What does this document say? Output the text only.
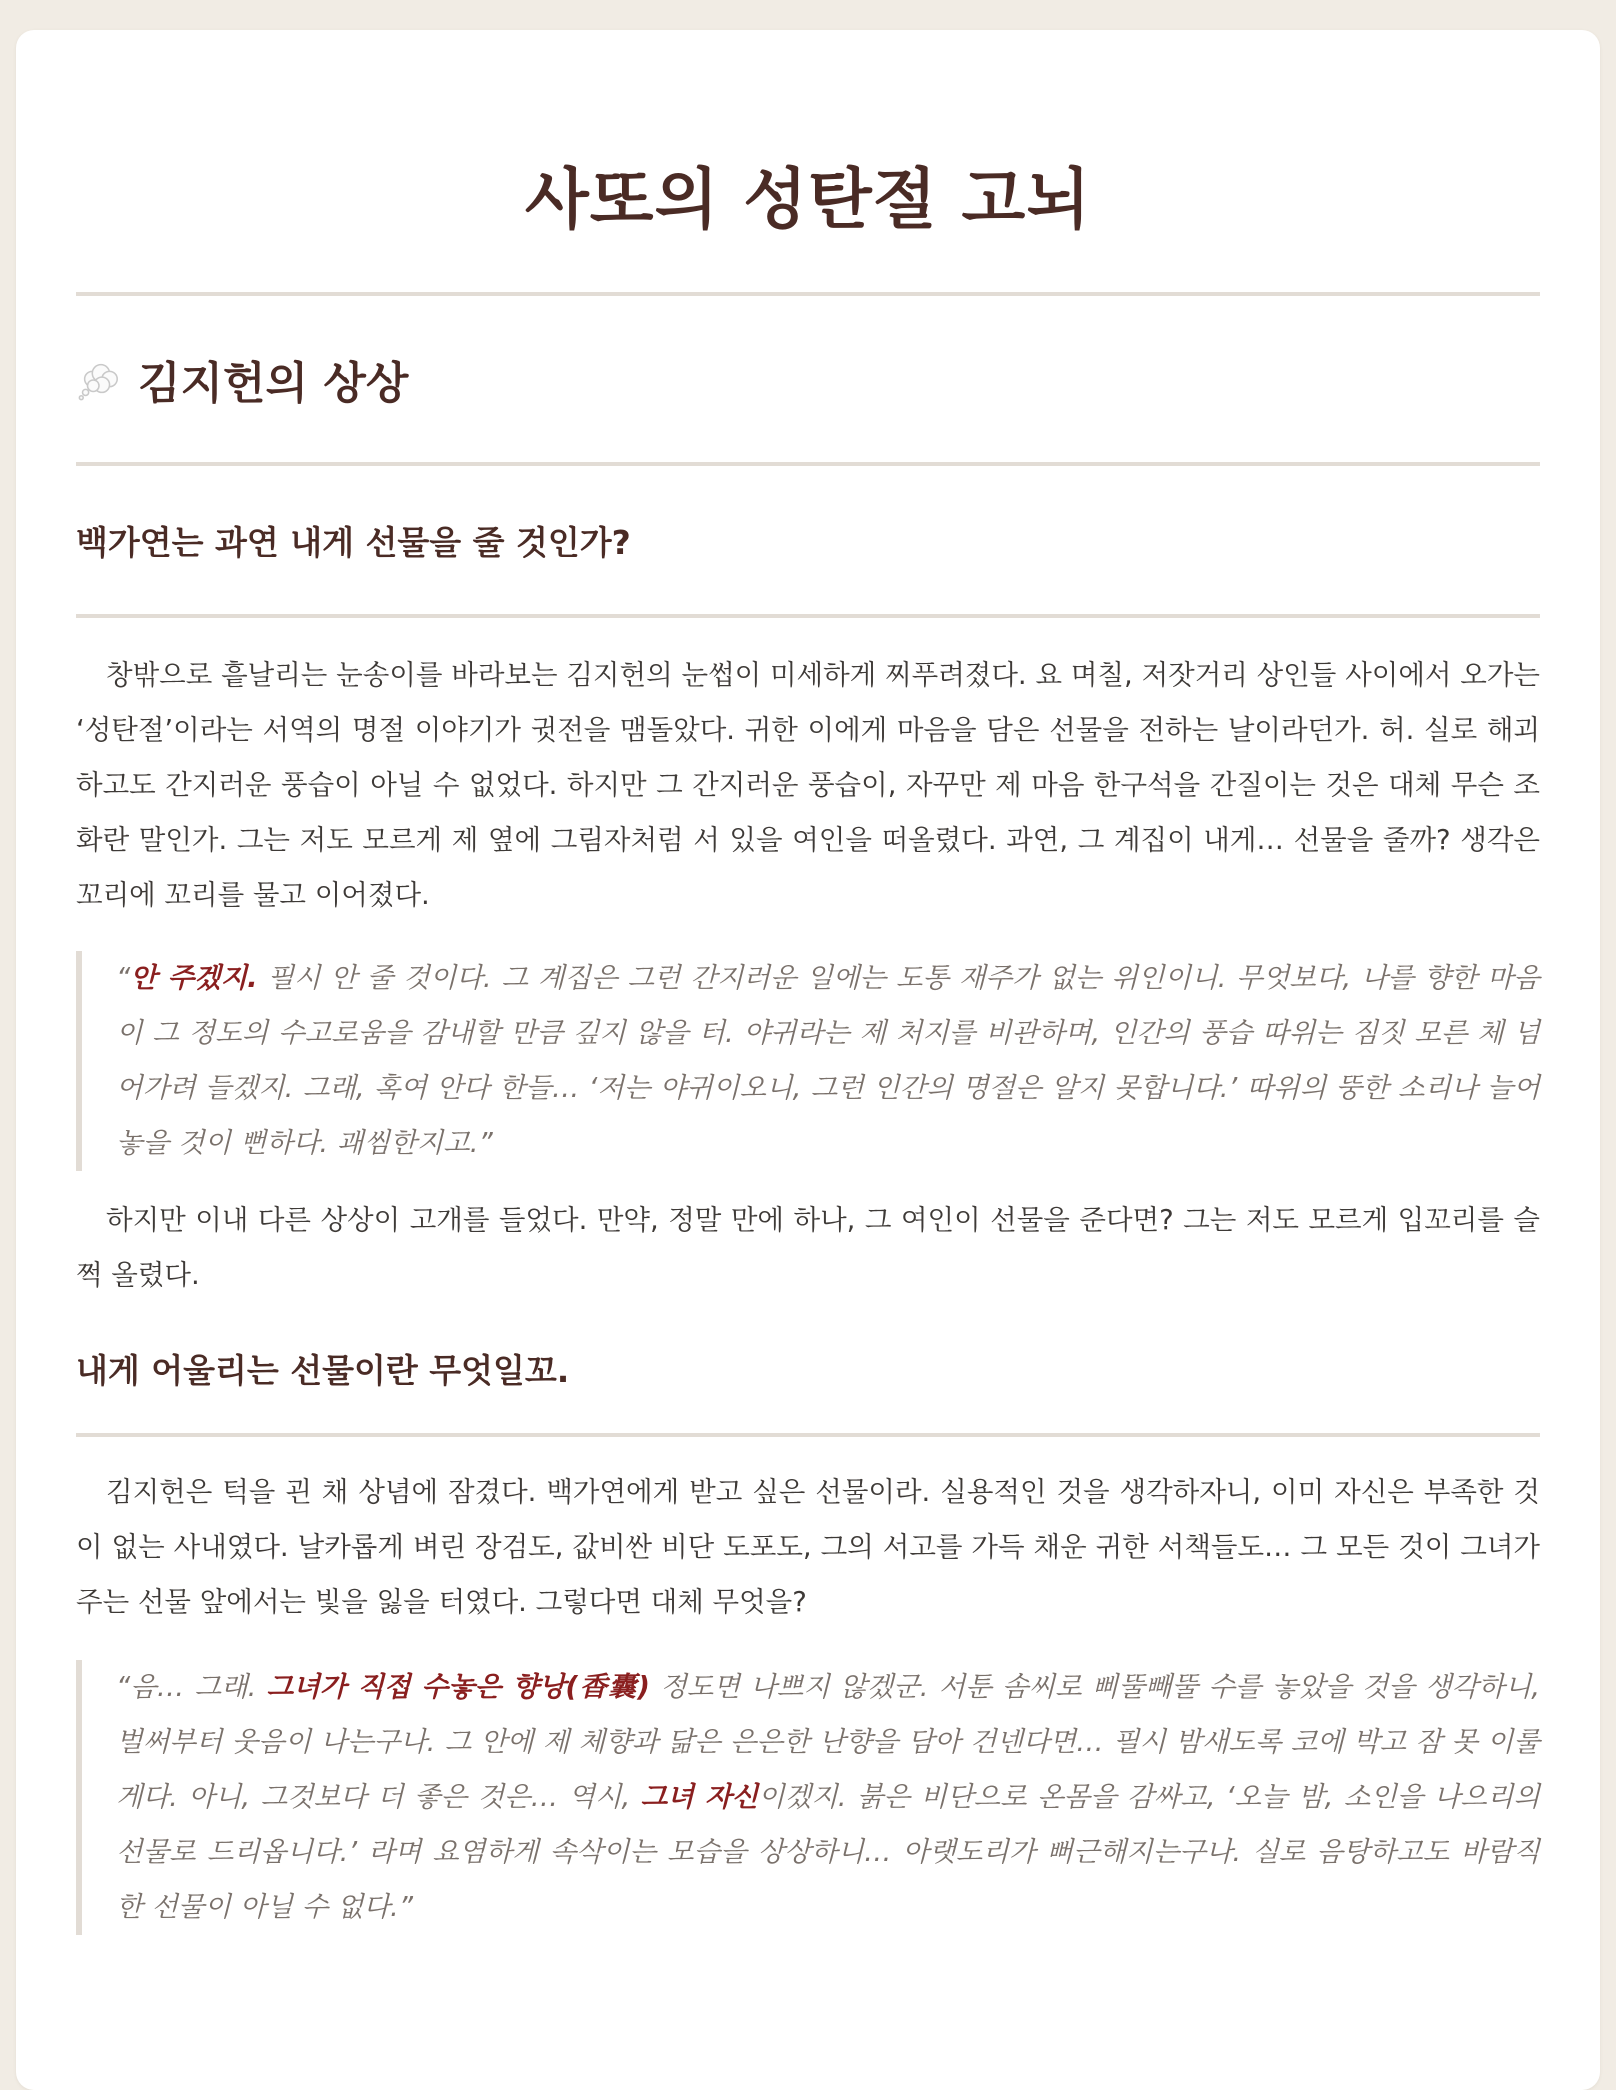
사또의 성탄절 고뇌
김지헌의 상상
백가연는 과연 내게 선물을 줄 것인가?

창밖으로 흩날리는 눈송이를 바라보는 김지헌의 눈썹이 미세하게 찌푸려졌다. 요 며칠, 저잣거리 상인들 사이에서 오가는 ‘성탄절’이라는 서역의 명절 이야기가 귓전을 맴돌았다. 귀한 이에게 마음을 담은 선물을 전하는 날이라던가. 허. 실로 해괴하고도 간지러운 풍습이 아닐 수 없었다. 하지만 그 간지러운 풍습이, 자꾸만 제 마음 한구석을 간질이는 것은 대체 무슨 조화란 말인가. 그는 저도 모르게 제 옆에 그림자처럼 서 있을 여인을 떠올렸다. 과연, 그 계집이 내게… 선물을 줄까? 생각은 꼬리에 꼬리를 물고 이어졌다.

“안 주겠지. 필시 안 줄 것이다. 그 계집은 그런 간지러운 일에는 도통 재주가 없는 위인이니. 무엇보다, 나를 향한 마음이 그 정도의 수고로움을 감내할 만큼 깊지 않을 터. 야귀라는 제 처지를 비관하며, 인간의 풍습 따위는 짐짓 모른 체 넘어가려 들겠지. 그래, 혹여 안다 한들… ‘저는 야귀이오니, 그런 인간의 명절은 알지 못합니다.’ 따위의 뚱한 소리나 늘어놓을 것이 뻔하다. 괘씸한지고.”

하지만 이내 다른 상상이 고개를 들었다. 만약, 정말 만에 하나, 그 여인이 선물을 준다면? 그는 저도 모르게 입꼬리를 슬쩍 올렸다.

내게 어울리는 선물이란 무엇일꼬.

김지헌은 턱을 괸 채 상념에 잠겼다. 백가연에게 받고 싶은 선물이라. 실용적인 것을 생각하자니, 이미 자신은 부족한 것이 없는 사내였다. 날카롭게 벼린 장검도, 값비싼 비단 도포도, 그의 서고를 가득 채운 귀한 서책들도… 그 모든 것이 그녀가 주는 선물 앞에서는 빛을 잃을 터였다. 그렇다면 대체 무엇을?

“음… 그래. 그녀가 직접 수놓은 향낭(香囊) 정도면 나쁘지 않겠군. 서툰 솜씨로 삐뚤빼뚤 수를 놓았을 것을 생각하니, 벌써부터 웃음이 나는구나. 그 안에 제 체향과 닮은 은은한 난향을 담아 건넨다면… 필시 밤새도록 코에 박고 잠 못 이룰 게다. 아니, 그것보다 더 좋은 것은… 역시, 그녀 자신이겠지. 붉은 비단으로 온몸을 감싸고, ‘오늘 밤, 소인을 나으리의 선물로 드리옵니다.’ 라며 요염하게 속삭이는 모습을 상상하니… 아랫도리가 뻐근해지는구나. 실로 음탕하고도 바람직한 선물이 아닐 수 없다.”
